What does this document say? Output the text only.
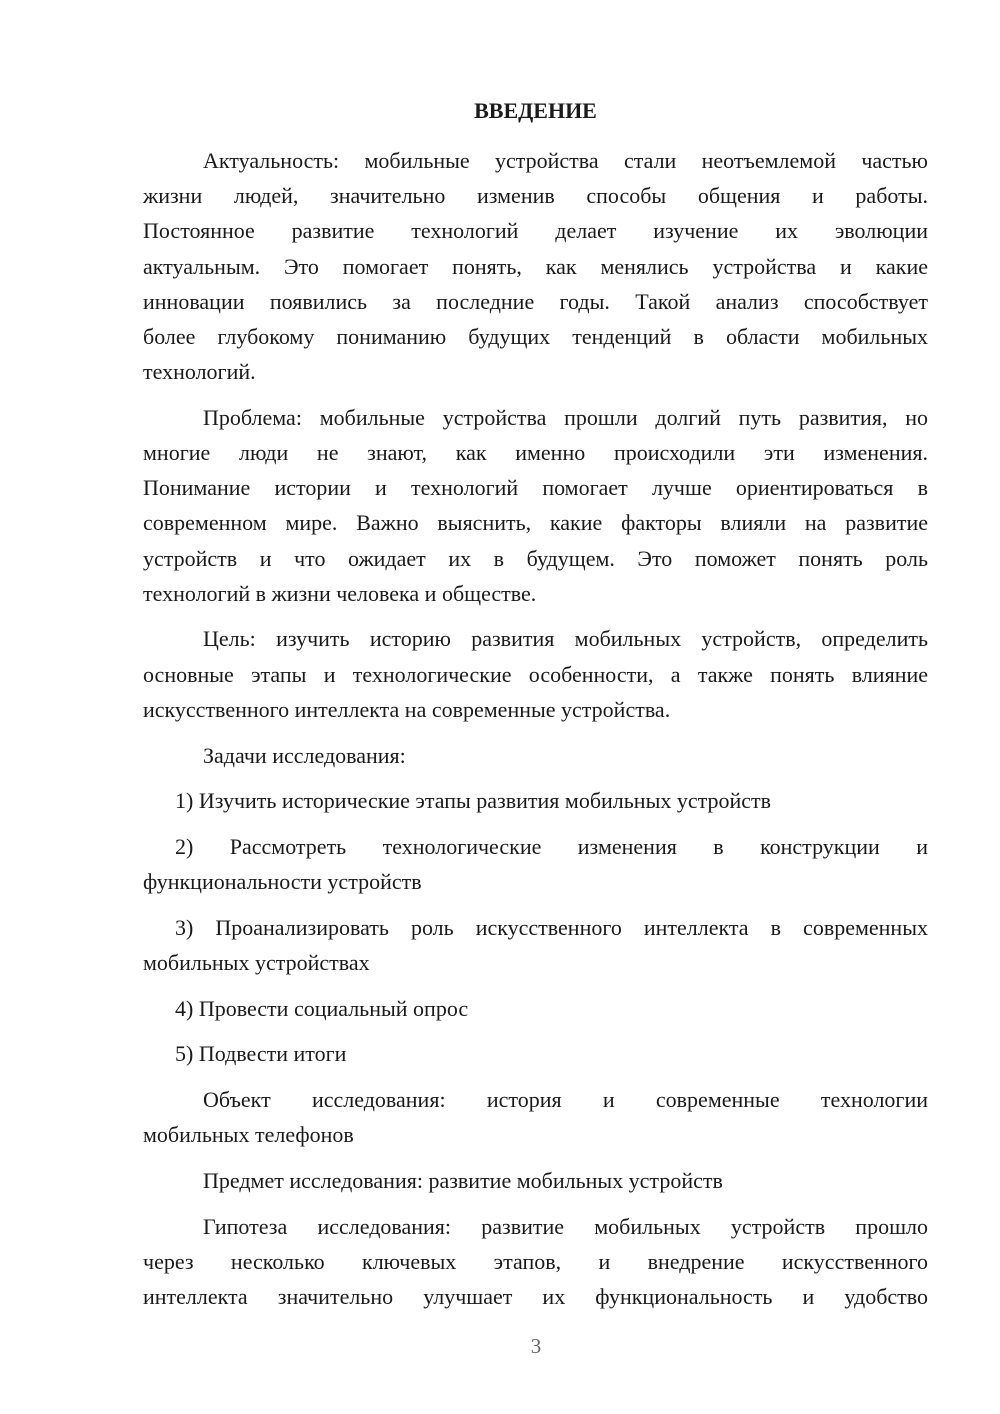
ВВЕДЕНИЕ
Актуальность: мобильные устройства стали неотъемлемой частью
жизни людей, значительно изменив способы общения и работы.
Постоянное развитие технологий делает изучение их эволюции
актуальным. Это помогает понять, как менялись устройства и какие
инновации появились за последние годы. Такой анализ способствует
более глубокому пониманию будущих тенденций в области мобильных
технологий.
Проблема: мобильные устройства прошли долгий путь развития, но
многие люди не знают, как именно происходили эти изменения.
Понимание истории и технологий помогает лучше ориентироваться в
современном мире. Важно выяснить, какие факторы влияли на развитие
устройств и что ожидает их в будущем. Это поможет понять роль
технологий в жизни человека и обществе.
Цель: изучить историю развития мобильных устройств, определить
основные этапы и технологические особенности, а также понять влияние
искусственного интеллекта на современные устройства.
Задачи исследования:
1) Изучить исторические этапы развития мобильных устройств
2) Рассмотреть технологические изменения в конструкции и
функциональности устройств
3) Проанализировать роль искусственного интеллекта в современных
мобильных устройствах
4) Провести социальный опрос
5) Подвести итоги
Объект исследования: история и современные технологии
мобильных телефонов
Предмет исследования: развитие мобильных устройств
Гипотеза исследования: развитие мобильных устройств прошло
через несколько ключевых этапов, и внедрение искусственного
интеллекта значительно улучшает их функциональность и удобство
3
